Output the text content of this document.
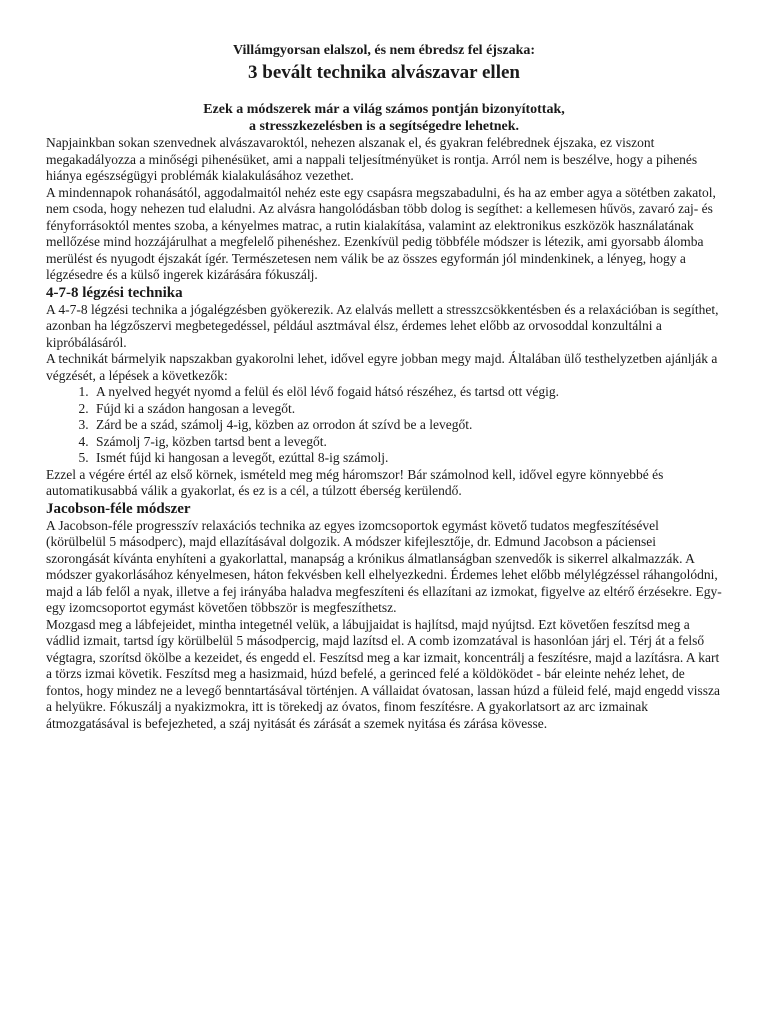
Villámgyorsan elalszol, és nem ébredsz fel éjszaka:

3 bevált technika alvászavar ellen
Ezek a módszerek már a világ számos pontján bizonyítottak,
a stresszkezelésben is a segítségedre lehetnek.

Napjainkban sokan szenvednek alvászavaroktól, nehezen alszanak el, és gyakran felébrednek éjszaka, ez viszont megakadályozza a minőségi pihenésüket, ami a nappali teljesítményüket is rontja. Arról nem is beszélve, hogy a pihenés hiánya egészségügyi problémák kialakulásához vezethet.

A mindennapok rohanásától, aggodalmaitól nehéz este egy csapásra megszabadulni, és ha az ember agya a sötétben zakatol, nem csoda, hogy nehezen tud elaludni. Az alvásra hangolódásban több dolog is segíthet: a kellemesen hűvös, zavaró zaj- és fényforrásoktól mentes szoba, a kényelmes matrac, a rutin kialakítása, valamint az elektronikus eszközök használatának mellőzése mind hozzájárulhat a megfelelő pihenéshez. Ezenkívül pedig többféle módszer is létezik, ami gyorsabb álomba merülést és nyugodt éjszakát ígér. Természetesen nem válik be az összes egyformán jól mindenkinek, a lényeg, hogy a légzésedre és a külső ingerek kizárására fókuszálj.

4-7-8 légzési technika

A 4-7-8 légzési technika a jógalégzésben gyökerezik. Az elalvás mellett a stresszcsökkentésben és a relaxációban is segíthet, azonban ha légzőszervi megbetegedéssel, például asztmával élsz, érdemes lehet előbb az orvosoddal konzultálni a kipróbálásáról.

A technikát bármelyik napszakban gyakorolni lehet, idővel egyre jobban megy majd. Általában ülő testhelyzetben ajánlják a végzését, a lépések a következők:

1. A nyelved hegyét nyomd a felül és elöl lévő fogaid hátsó részéhez, és tartsd ott végig.
2. Fújd ki a szádon hangosan a levegőt.
3. Zárd be a szád, számolj 4-ig, közben az orrodon át szívd be a levegőt.
4. Számolj 7-ig, közben tartsd bent a levegőt.
5. Ismét fújd ki hangosan a levegőt, ezúttal 8-ig számolj.

Ezzel a végére értél az első körnek, ismételd meg még háromszor! Bár számolnod kell, idővel egyre könnyebbé és automatikusabbá válik a gyakorlat, és ez is a cél, a túlzott éberség kerülendő.

Jacobson-féle módszer

A Jacobson-féle progresszív relaxációs technika az egyes izomcsoportok egymást követő tudatos megfeszítésével (körülbelül 5 másodperc), majd ellazításával dolgozik. A módszer kifejlesztője, dr. Edmund Jacobson a páciensei szorongását kívánta enyhíteni a gyakorlattal, manapság a krónikus álmatlanságban szenvedők is sikerrel alkalmazzák. A módszer gyakorlásához kényelmesen, háton fekvésben kell elhelyezkedni. Érdemes lehet előbb mélylégzéssel ráhangolódni, majd a láb felől a nyak, illetve a fej irányába haladva megfeszíteni és ellazítani az izmokat, figyelve az eltérő érzésekre. Egy-egy izomcsoportot egymást követően többször is megfeszíthetsz.

Mozgasd meg a lábfejeidet, mintha integetnél velük, a lábujjaidat is hajlítsd, majd nyújtsd. Ezt követően feszítsd meg a vádlid izmait, tartsd így körülbelül 5 másodpercig, majd lazítsd el. A comb izomzatával is hasonlóan járj el. Térj át a felső végtagra, szorítsd ökölbe a kezeidet, és engedd el. Feszítsd meg a kar izmait, koncentrálj a feszítésre, majd a lazításra. A kart a törzs izmai követik. Feszítsd meg a hasizmaid, húzd befelé, a gerinced felé a köldöködet - bár eleinte nehéz lehet, de fontos, hogy mindez ne a levegő benntartásával történjen. A vállaidat óvatosan, lassan húzd a füleid felé, majd engedd vissza a helyükre. Fókuszálj a nyakizmokra, itt is törekedj az óvatos, finom feszítésre. A gyakorlatsort az arc izmainak átmozgatásával is befejezheted, a száj nyitását és zárását a szemek nyitása és zárása kövesse.
